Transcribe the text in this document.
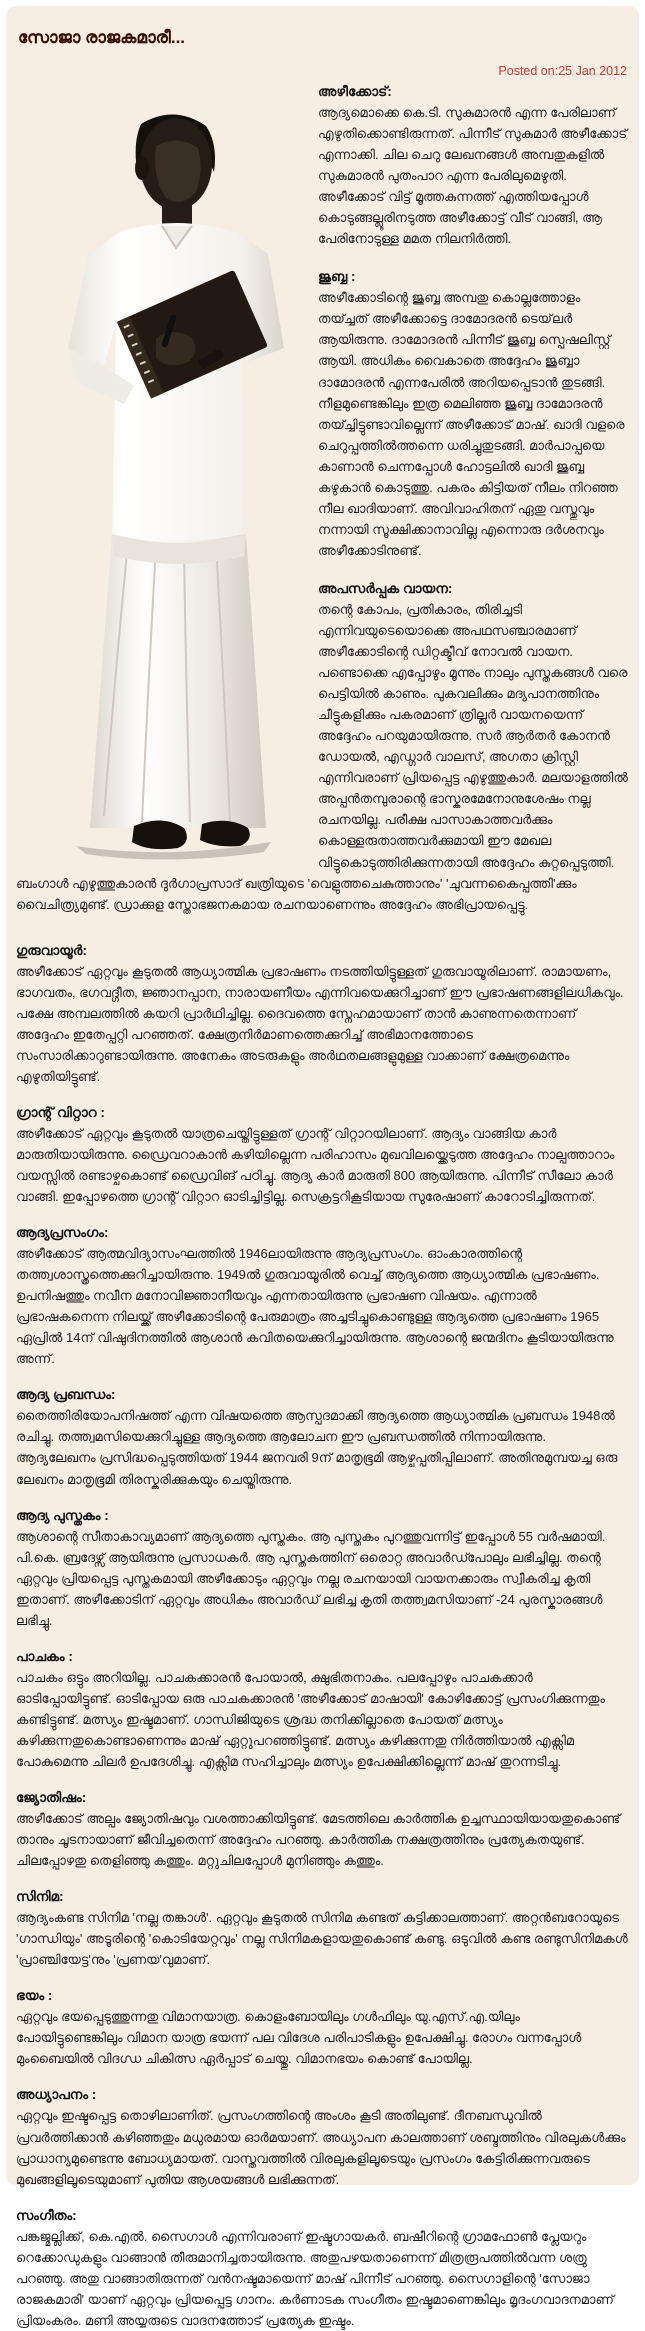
സോജാ രാജകമാരീ...
Posted on:25 Jan 2012
അഴീക്കോട്:

ആദ്യമൊക്കെ കെ.ടി. സുകുമാരൻ എന്ന പേരിലാണ് എഴുതിക്കൊണ്ടിരുന്നത്. പിന്നീട് സുകുമാർ അഴീക്കോട് എന്നാക്കി. ചില ചെറു ലേഖനങ്ങൾ അമ്പതുകളിൽ സുകുമാരൻ പുതംപാറ എന്ന പേരിലുമെഴുതി. അഴീക്കോട് വിട്ട് മൂത്തകുന്നത്ത് എത്തിയപ്പോൾ കൊടുങ്ങല്ലൂരിനടുത്ത അഴീക്കോട്ട് വീട് വാങ്ങി, ആ പേരിനോടുള്ള മമത നിലനിർത്തി.

ജുബ്ബ :

അഴീക്കോടിന്റെ ജുബ്ബ അമ്പതു കൊല്ലത്തോളം തയ്ച്ചത് അഴീക്കോട്ടെ ദാമോദരൻ ടെയ്‌ലർ ആയിരുന്നു. ദാമോദരൻ പിന്നീട് ജുബ്ബ സ്പെഷലിസ്റ്റ് ആയി. അധികം വൈകാതെ അദ്ദേഹം ജുബ്ബാ ദാമോദരൻ എന്നപേരിൽ അറിയപ്പെടാൻ തുടങ്ങി. നീളമുണ്ടെങ്കിലും ഇത്ര മെലിഞ്ഞ ജുബ്ബ ദാമോദരൻ തയ്ച്ചിട്ടുണ്ടാവില്ലെന്ന് അഴീക്കോട് മാഷ്. ഖാദി വളരെ ചെറുപ്പത്തിൽത്തന്നെ ധരിച്ചുതുടങ്ങി. മാർപാപ്പയെ കാണാൻ ചെന്നപ്പോൾ ഹോട്ടലിൽ ഖാദി ജുബ്ബ കഴുകാൻ കൊടുത്തു. പകരം കിട്ടിയത് നീലം നിറഞ്ഞ നീല ഖാദിയാണ്. അവിവാഹിതന് ഏതു വസ്തുവും നന്നായി സൂക്ഷിക്കാനാവില്ല എന്നൊരു ദർശനവും അഴീക്കോടിനുണ്ട്.

അപസർപ്പക വായന:

തന്റെ കോപം, പ്രതികാരം, തിരിച്ചടി എന്നിവയുടെയൊക്കെ അപഥസഞ്ചാരമാണ് അഴീക്കോടിന്റെ ഡിറ്റക്ടീവ് നോവൽ വായന. പണ്ടൊക്കെ എപ്പോഴും മൂന്നും നാലും പുസ്തകങ്ങൾ വരെ പെട്ടിയിൽ കാണും. പുകവലിക്കും മദ്യപാനത്തിനും ചീട്ടുകളിക്കും പകരമാണ് ത്രില്ലർ വായനയെന്ന് അദ്ദേഹം പറയുമായിരുന്നു. സർ ആർതർ കോനൻ ഡോയൽ, എഡ്ഗാർ വാലസ്, അഗതാ ക്രിസ്റ്റി എന്നിവരാണ് പ്രിയപ്പെട്ട എഴുത്തുകാർ. മലയാളത്തിൽ അപ്പൻതമ്പുരാന്റെ ഭാസ്കരമേനോനുശേഷം നല്ല രചനയില്ല. പരീക്ഷ പാസാകാത്തവർക്കും കൊള്ളരുതാത്തവർക്കുമായി ഈ മേഖല വിട്ടുകൊടുത്തിരിക്കുന്നതായി അദ്ദേഹം കുറ്റപ്പെടുത്തി. ബംഗാൾ എഴുത്തുകാരൻ ദുർഗാപ്രസാദ് ഖത്രിയുടെ 'വെളുത്തചെകുത്താനും' 'ചുവന്നകൈപ്പത്തി'ക്കും വൈചിത്ര്യമുണ്ട്. ഡ്രാക്കുള സ്തോഭജനകമായ രചനയാണെന്നും അദ്ദേഹം അഭിപ്രായപ്പെട്ടു.

ഗുരുവായൂർ:

അഴീക്കോട് ഏറ്റവും കൂടുതൽ ആധ്യാത്മിക പ്രഭാഷണം നടത്തിയിട്ടുള്ളത് ഗുരുവായൂരിലാണ്. രാമായണം, ഭാഗവതം, ഭഗവദ്ഗീത, ജ്ഞാനപ്പാന, നാരായണീയം എന്നിവയെക്കുറിച്ചാണ് ഈ പ്രഭാഷണങ്ങളിലധികവും. പക്ഷേ അമ്പലത്തിൽ കയറി പ്രാർഥിച്ചില്ല. ദൈവത്തെ സ്നേഹമായാണ് താൻ കാണുന്നതെന്നാണ് അദ്ദേഹം ഇതേപ്പറ്റി പറഞ്ഞത്. ക്ഷേത്രനിർമാണത്തെക്കുറിച്ച് അഭിമാനത്തോടെ സംസാരിക്കാറുണ്ടായിരുന്നു. അനേകം അടരുകളും അർഥതലങ്ങളുമുള്ള വാക്കാണ് ക്ഷേത്രമെന്നും എഴുതിയിട്ടുണ്ട്.

ഗ്രാന്റ് വിറ്റാറ :

അഴീക്കോട് ഏറ്റവും കൂടുതൽ യാത്രചെയ്തിട്ടുള്ളത് ഗ്രാന്റ് വിറ്റാറയിലാണ്. ആദ്യം വാങ്ങിയ കാർ മാരുതിയായിരുന്നു. ഡ്രൈവറാകാൻ കഴിയില്ലെന്ന പരിഹാസം മുഖവിലയ്ക്കെടുത്ത അദ്ദേഹം നാല്പത്താറാം വയസ്സിൽ രണ്ടാഴ്ചകൊണ്ട് ഡ്രൈവിങ് പഠിച്ചു. ആദ്യ കാർ മാരുതി 800 ആയിരുന്നു. പിന്നീട് സീലോ കാർ വാങ്ങി. ഇപ്പോഴത്തെ ഗ്രാന്റ് വിറ്റാറ ഓടിച്ചിട്ടില്ല. സെക്രട്ടറികൂടിയായ സുരേഷാണ് കാറോടിച്ചിരുന്നത്.

ആദ്യപ്രസംഗം:

അഴീക്കോട് ആത്മവിദ്യാസംഘത്തിൽ 1946ലായിരുന്നു ആദ്യപ്രസംഗം. ഓംകാരത്തിന്റെ തത്ത്വശാസ്ത്രത്തെക്കുറിച്ചായിരുന്നു. 1949ൽ ഗുരുവായൂരിൽ വെച്ച് ആദ്യത്തെ ആധ്യാത്മിക പ്രഭാഷണം. ഉപനിഷത്തും നവീന മനോവിജ്ഞാനീയവും എന്നതായിരുന്നു പ്രഭാഷണ വിഷയം. എന്നാൽ പ്രഭാഷകനെന്ന നിലയ്ക്ക് അഴീക്കോടിന്റെ പേരുമാത്രം അച്ചടിച്ചുകൊണ്ടുള്ള ആദ്യത്തെ പ്രഭാഷണം 1965 ഏപ്രിൽ 14ന് വിഷുദിനത്തിൽ ആശാൻ കവിതയെക്കുറിച്ചായിരുന്നു. ആശാന്റെ ജന്മദിനം കൂടിയായിരുന്നു അന്ന്.

ആദ്യ പ്രബന്ധം:

തൈത്തിരിയോപനിഷത്ത് എന്ന വിഷയത്തെ ആസ്പദമാക്കി ആദ്യത്തെ ആധ്യാത്മിക പ്രബന്ധം 1948ൽ രചിച്ചു. തത്ത്വമസിയെക്കുറിച്ചുള്ള ആദ്യത്തെ ആലോചന ഈ പ്രബന്ധത്തിൽ നിന്നായിരുന്നു. ആദ്യലേഖനം പ്രസിദ്ധപ്പെടുത്തിയത് 1944 ജനവരി 9ന് മാതൃഭൂമി ആഴ്ചപ്പതിപ്പിലാണ്. അതിനുമുമ്പയച്ച ഒരു ലേഖനം മാതൃഭൂമി തിരസ്കരിക്കുകയും ചെയ്തിരുന്നു.

ആദ്യ പുസ്തകം :

ആശാന്റെ സീതാകാവ്യമാണ് ആദ്യത്തെ പുസ്തകം. ആ പുസ്തകം പുറത്തുവന്നിട്ട് ഇപ്പോൾ 55 വർഷമായി. പി.കെ. ബ്രദേഴ്സ് ആയിരുന്നു പ്രസാധകർ. ആ പുസ്തകത്തിന് ഒരൊറ്റ അവാർഡ്പോലും ലഭിച്ചില്ല. തന്റെ ഏറ്റവും പ്രിയപ്പെട്ട പുസ്തകമായി അഴീക്കോടും ഏറ്റവും നല്ല രചനയായി വായനക്കാരും സ്വീകരിച്ച കൃതി ഇതാണ്. അഴീക്കോടിന് ഏറ്റവും അധികം അവാർഡ് ലഭിച്ച കൃതി തത്ത്വമസിയാണ് -24 പുരസ്കാരങ്ങൾ ലഭിച്ചു.

പാചകം :

പാചകം ഒട്ടും അറിയില്ല. പാചകക്കാരൻ പോയാൽ, ക്ഷുഭിതനാകും. പലപ്പോഴും പാചകക്കാർ ഓടിപ്പോയിട്ടുണ്ട്. ഓടിപ്പോയ ഒരു പാചകക്കാരൻ 'അഴീക്കോട് മാഷായി' കോഴിക്കോട്ട് പ്രസംഗിക്കുന്നതും കണ്ടിട്ടുണ്ട്. മത്സ്യം ഇഷ്ടമാണ്. ഗാന്ധിജിയുടെ ശ്രദ്ധ തനിക്കില്ലാതെ പോയത് മത്സ്യം കഴിക്കുന്നതുകൊണ്ടാണെന്നും മാഷ് ഏറ്റുപറഞ്ഞിട്ടുണ്ട്. മത്സ്യം കഴിക്കുന്നതു നിർത്തിയാൽ എക്സിമ പോകുമെന്നു ചിലർ ഉപദേശിച്ചു. എക്സിമ സഹിച്ചാലും മത്സ്യം ഉപേക്ഷിക്കില്ലെന്ന് മാഷ് തുറന്നടിച്ചു.

ജ്യോതിഷം:

അഴീക്കോട് അല്പം ജ്യോതിഷവും വശത്താക്കിയിട്ടുണ്ട്. മേടത്തിലെ കാർത്തിക ഉച്ചസ്ഥായിയായതുകൊണ്ട് താനും ചൂടനായാണ് ജീവിച്ചതെന്ന് അദ്ദേഹം പറഞ്ഞു. കാർത്തിക നക്ഷത്രത്തിനും പ്രത്യേകതയുണ്ട്. ചിലപ്പോഴതു തെളിഞ്ഞു കത്തും. മറ്റുചിലപ്പോൾ മുനിഞ്ഞും കത്തും.

സിനിമ:

ആദ്യംകണ്ട സിനിമ 'നല്ല തങ്കാൾ'. ഏറ്റവും കൂടുതൽ സിനിമ കണ്ടത് കുട്ടിക്കാലത്താണ്. അറ്റൻബറോയുടെ 'ഗാന്ധിയും' അടൂരിന്റെ 'കൊടിയേറ്റവും' നല്ല സിനിമകളായതുകൊണ്ട് കണ്ടു. ഒടുവിൽ കണ്ട രണ്ടുസിനിമകൾ 'പ്രാഞ്ചിയേട്ട'നും 'പ്രണയ'വുമാണ്.

ഭയം :

ഏറ്റവും ഭയപ്പെടുത്തുന്നതു വിമാനയാത്ര. കൊളംബോയിലും ഗൾഫിലും യു.എസ്.എ.യിലും പോയിട്ടുണ്ടെങ്കിലും വിമാന യാത്ര ഭയന്ന് പല വിദേശ പരിപാടികളും ഉപേക്ഷിച്ചു. രോഗം വന്നപ്പോൾ മുംബൈയിൽ വിദഗ്ധ ചികിത്സ ഏർപ്പാട് ചെയ്തു. വിമാനഭയം കൊണ്ട് പോയില്ല.

അധ്യാപനം :

ഏറ്റവും ഇഷ്ടപ്പെട്ട തൊഴിലാണിത്. പ്രസംഗത്തിന്റെ അംശം കൂടി അതിലുണ്ട്. ദീനബന്ധുവിൽ പ്രവർത്തിക്കാൻ കഴിഞ്ഞതും മധുരമായ ഓർമയാണ്. അധ്യാപന കാലത്താണ് ശബ്ദത്തിനും വിരലുകൾക്കും പ്രാധാന്യമുണ്ടെന്നു ബോധ്യമായത്. വാസ്തവത്തിൽ വിരലുകളിലൂടെയും പ്രസംഗം കേട്ടിരിക്കുന്നവരുടെ മുഖങ്ങളിലൂടെയുമാണ് പുതിയ ആശയങ്ങൾ ലഭിക്കുന്നത്.

സംഗീതം:

പങ്കജ്മല്ലിക്ക്, കെ.എൽ. സൈഗാൾ എന്നിവരാണ് ഇഷ്ടഗായകർ. ബഷീറിന്റെ ഗ്രാമഫോൺ പ്ലേയറും റെക്കോഡുകളും വാങ്ങാൻ തീരുമാനിച്ചതായിരുന്നു. അതുപഴയതാണെന്ന് മിത്രരൂപത്തിൽവന്ന ശത്രു പറഞ്ഞു. അതു വാങ്ങാതിരുന്നത് വൻനഷ്ടമായെന്ന് മാഷ് പിന്നീട് പറഞ്ഞു. സൈഗാളിന്റെ 'സോജാ രാജകമാരി' യാണ് ഏറ്റവും പ്രിയപ്പെട്ട ഗാനം. കർണാടക സംഗീതം ഇഷ്ടമാണെങ്കിലും മൃദംഗവാദനമാണ് പ്രിയംകരം. മണി അയ്യരുടെ വാദനത്തോട് പ്രത്യേക ഇഷ്ടം.
